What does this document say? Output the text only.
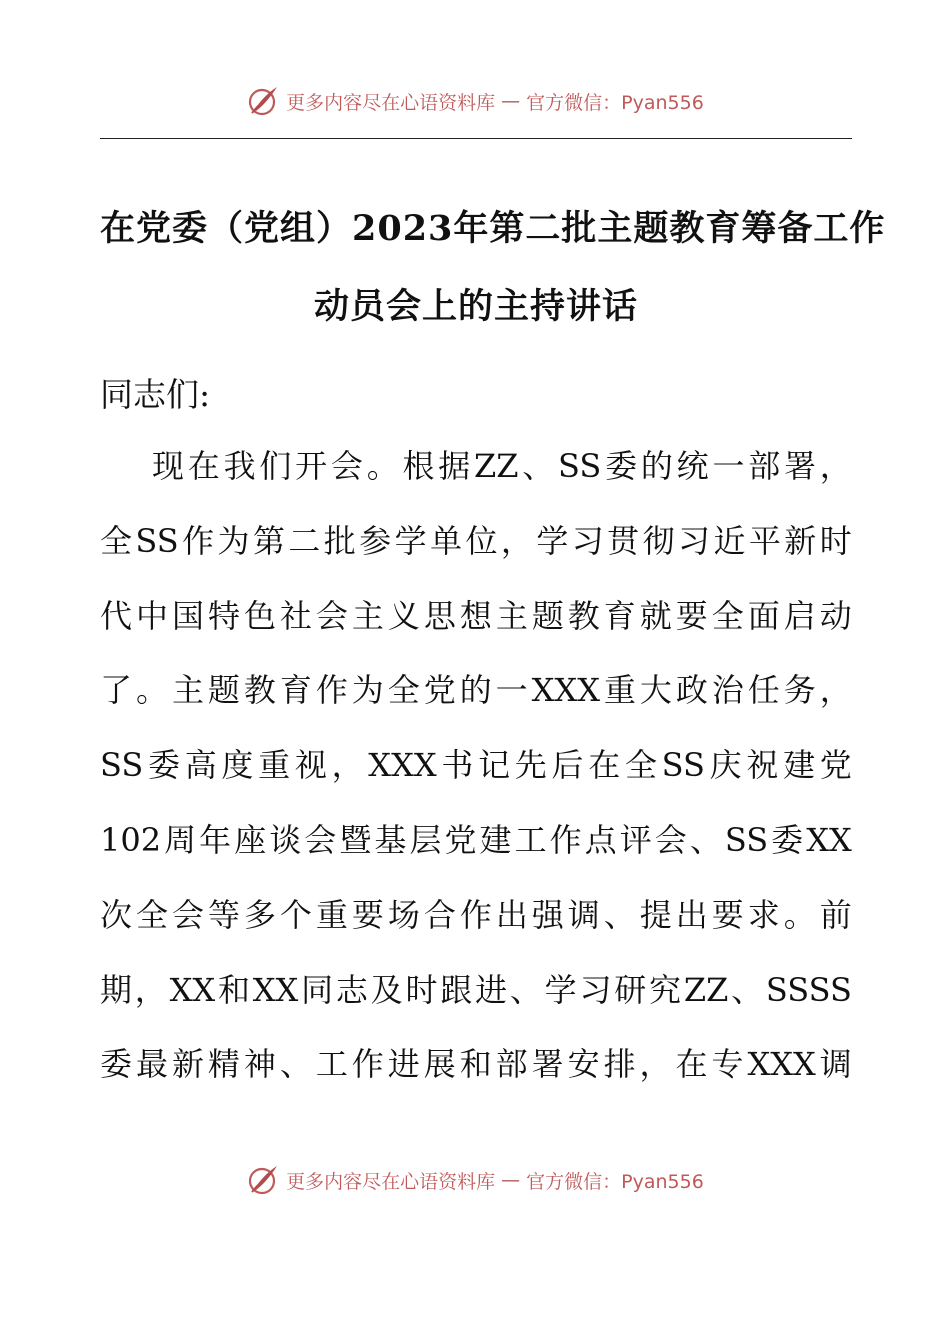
更多内容尽在心语资料库 — 官方微信：Pyan556
在党委（党组）2023年第二批主题教育筹备工作
动员会上的主持讲话
同志们:
现 在 我 们 开 会 。 根 据 ZZ 、 SS 委 的 统 一 部 署 ，
全 SS 作 为 第 二 批 参 学 单 位 ， 学 习 贯 彻 习 近 平 新 时
代 中 国 特 色 社 会 主 义 思 想 主 题 教 育 就 要 全 面 启 动
了 。 主 题 教 育 作 为 全 党 的 一 XXX 重 大 政 治 任 务 ，
SS 委 高 度 重 视 ， XXX 书 记 先 后 在 全 SS 庆 祝 建 党
102 周 年 座 谈 会 暨 基 层 党 建 工 作 点 评 会 、 SS 委 XX
次 全 会 等 多 个 重 要 场 合 作 出 强 调 、 提 出 要 求 。 前
期 ， XX 和 XX 同 志 及 时 跟 进 、 学 习 研 究 ZZ 、 SSSS
委 最 新 精 神 、 工 作 进 展 和 部 署 安 排 ， 在 专 XXX 调
更多内容尽在心语资料库 — 官方微信：Pyan556
